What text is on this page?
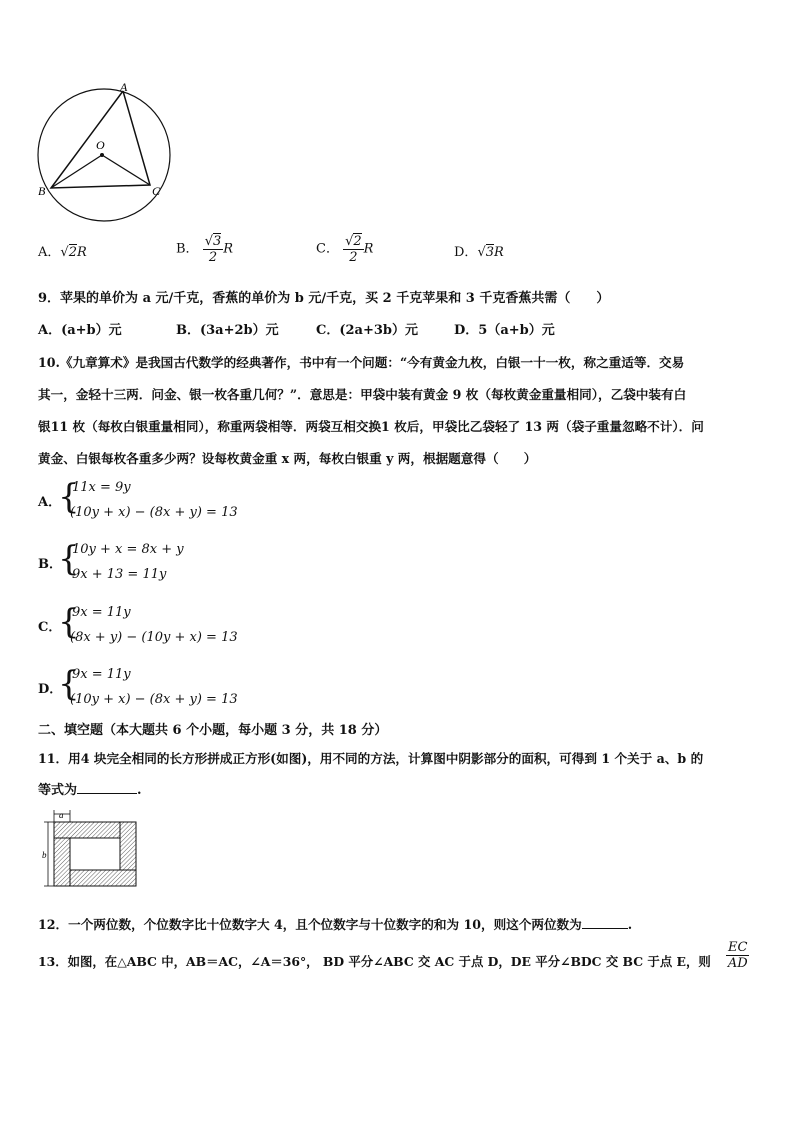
A
O
B	C
A．√2R	B． $\frac{√3}{2}$ R	C． $\frac{√2}{2}$ R	D．√3R
9．苹果的单价为 a 元/千克，香蕉的单价为 b 元/千克，买 2 千克苹果和 3 千克香蕉共需（　　）
A．(a+b）元	B．(3a+2b）元	C．(2a+3b）元	D．5（a+b）元
10.《九章算术》是我国古代数学的经典著作，书中有一个问题：“今有黄金九枚，白银一十一枚，称之重适等．交易
其一，金轻十三两．问金、银一枚各重几何？”．意思是：甲袋中装有黄金 9 枚（每枚黄金重量相同），乙袋中装有白
银11 枚（每枚白银重量相同），称重两袋相等．两袋互相交换1 枚后，甲袋比乙袋轻了 13 两（袋子重量忽略不计）．问
黄金、白银每枚各重多少两？设每枚黄金重 x 两，每枚白银重 y 两，根据题意得（　　）
A．
{
11x = 9y
(10y + x) − (8x + y) = 13
B．
{
10y + x = 8x + y
9x + 13 = 11y
C．
{
9x = 11y
(8x + y) − (10y + x) = 13
D．
{
9x = 11y
(10y + x) − (8x + y) = 13
二、填空题（本大题共 6 个小题，每小题 3 分，共 18 分）
11．用4 块完全相同的长方形拼成正方形(如图)，用不同的方法，计算图中阴影部分的面积，可得到 1 个关于 a、b 的
等式为	.
a
b
12．一个两位数，个位数字比十位数字大 4，且个位数字与十位数字的和为 10，则这个两位数为	.
13．如图，在△ABC 中，AB＝AC，∠A＝36°， BD 平分∠ABC 交 AC 于点 D，DE 平分∠BDC 交 BC 于点 E，则 $\frac{EC}{AD}$
